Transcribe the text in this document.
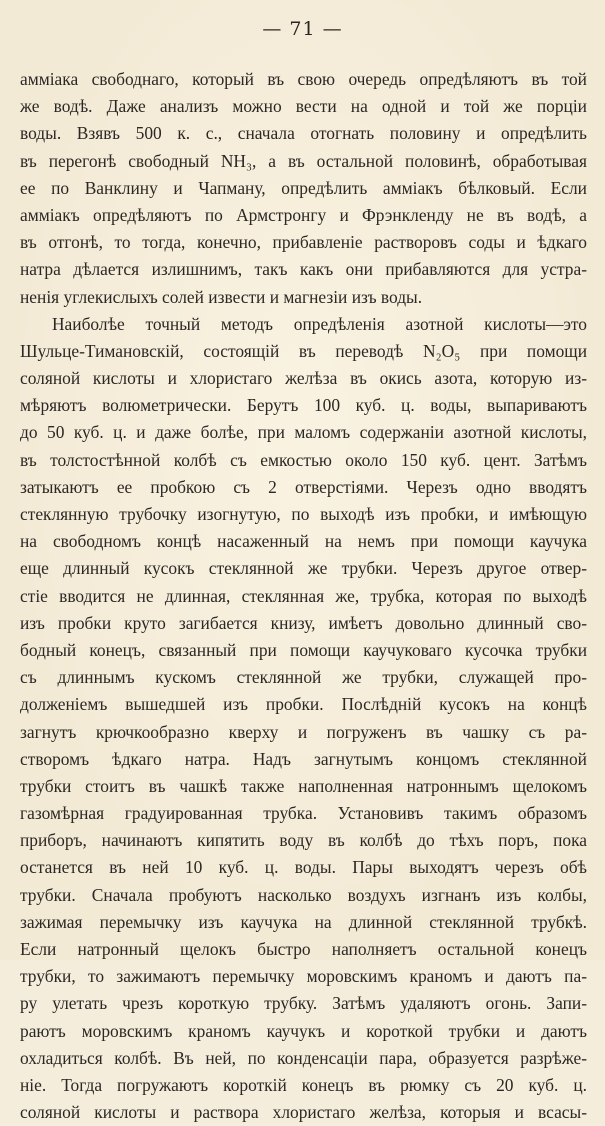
— 71 —
амміака свободнаго, который въ свою очередь опредѣляютъ въ той
же водѣ. Даже анализъ можно вести на одной и той же порціи
воды. Взявъ 500 к. с., сначала отогнать половину и опредѣлить
въ перегонѣ свободный NH₃, а въ остальной половинѣ, обработывая
ее по Ванклину и Чапману, опредѣлить амміакъ бѣлковый. Если
амміакъ опредѣляютъ по Армстронгу и Фрэнкленду не въ водѣ, а
въ отгонѣ, то тогда, конечно, прибавленіе растворовъ соды и ѣдкаго
натра дѣлается излишнимъ, такъ какъ они прибавляются для устра-
ненія углекислыхъ солей извести и магнезіи изъ воды.
Наиболѣе точный методъ опредѣленія азотной кислоты—это
Шульце-Тимановскій, состоящій въ переводѣ N₂O₅ при помощи
соляной кислоты и хлористаго желѣза въ окись азота, которую из-
мѣряютъ волюметрически. Берутъ 100 куб. ц. воды, выпариваютъ
до 50 куб. ц. и даже болѣе, при маломъ содержаніи азотной кислоты,
въ толстостѣнной колбѣ съ емкостью около 150 куб. цент. Затѣмъ
затыкаютъ ее пробкою съ 2 отверстіями. Черезъ одно вводятъ
стеклянную трубочку изогнутую, по выходѣ изъ пробки, и имѣющую
на свободномъ концѣ насаженный на немъ при помощи каучука
еще длинный кусокъ стеклянной же трубки. Черезъ другое отвер-
стіе вводится не длинная, стеклянная же, трубка, которая по выходѣ
изъ пробки круто загибается книзу, имѣетъ довольно длинный сво-
бодный конецъ, связанный при помощи каучуковаго кусочка трубки
съ длиннымъ кускомъ стеклянной же трубки, служащей про-
долженіемъ вышедшей изъ пробки. Послѣдній кусокъ на концѣ
загнутъ крючкообразно кверху и погруженъ въ чашку съ ра-
створомъ ѣдкаго натра. Надъ загнутымъ концомъ стеклянной
трубки стоитъ въ чашкѣ также наполненная натроннымъ щелокомъ
газомѣрная градуированная трубка. Установивъ такимъ образомъ
приборъ, начинаютъ кипятить воду въ колбѣ до тѣхъ поръ, пока
останется въ ней 10 куб. ц. воды. Пары выходятъ черезъ обѣ
трубки. Сначала пробуютъ насколько воздухъ изгнанъ изъ колбы,
зажимая перемычку изъ каучука на длинной стеклянной трубкѣ.
Если натронный щелокъ быстро наполняетъ остальной конецъ
трубки, то зажимаютъ перемычку моровскимъ краномъ и даютъ па-
ру улетать чрезъ короткую трубку. Затѣмъ удаляютъ огонь. Запи-
раютъ моровскимъ краномъ каучукъ и короткой трубки и даютъ
охладиться колбѣ. Въ ней, по конденсаціи пара, образуется разрѣже-
ніе. Тогда погружаютъ короткій конецъ въ рюмку съ 20 куб. ц.
соляной кислоты и раствора хлористаго желѣза, которыя и всасы-
